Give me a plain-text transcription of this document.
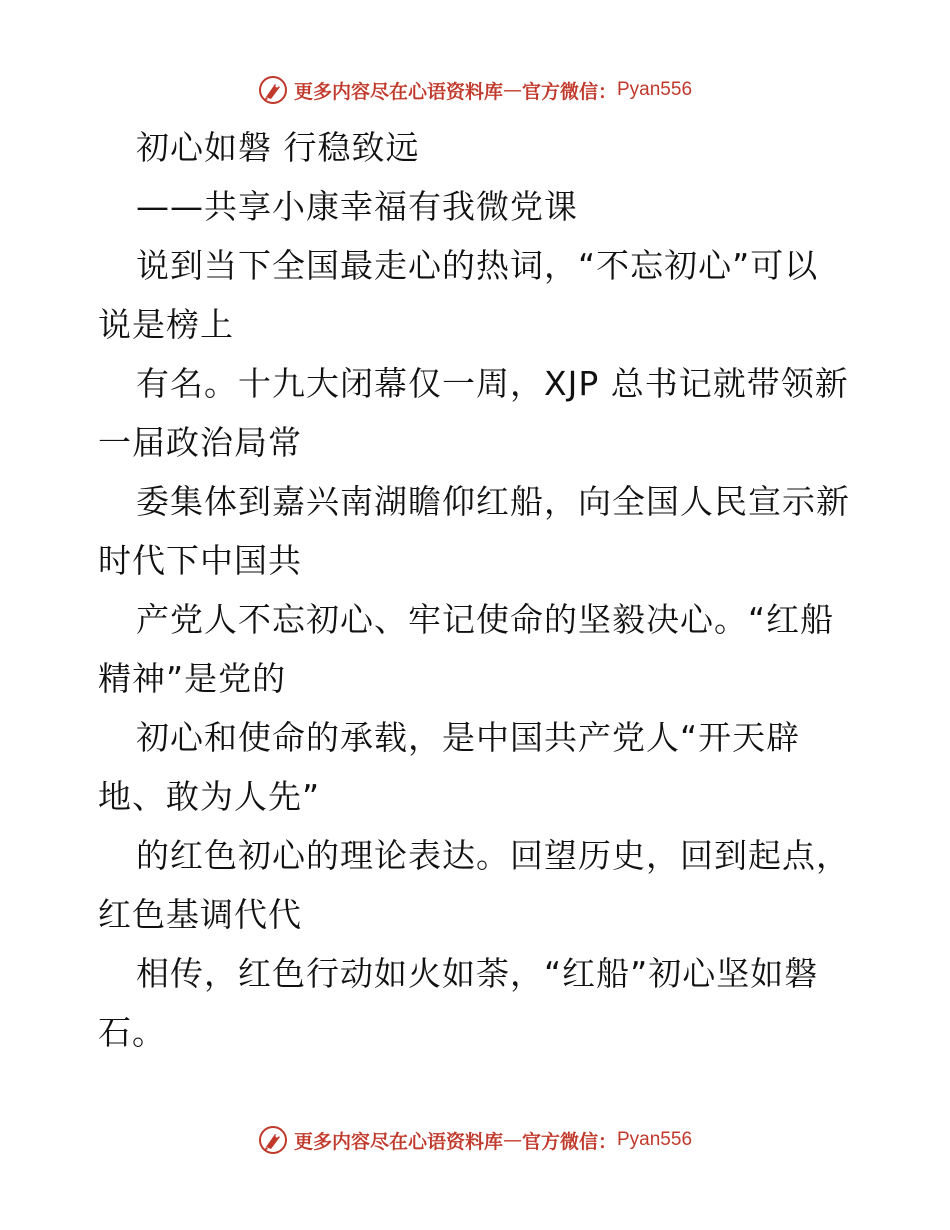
更多内容尽在心语资料库 — 官方微信： Pyan556
初心如磐 行稳致远
——共享小康幸福有我微党课
说到当下全国最走心的热词，“不忘初心”可以
说是榜上
有名。十九大闭幕仅一周，XJP 总书记就带领新
一届政治局常
委集体到嘉兴南湖瞻仰红船，向全国人民宣示新
时代下中国共
产党人不忘初心、牢记使命的坚毅决心。“红船
精神”是党的
初心和使命的承载，是中国共产党人“开天辟
地、敢为人先”
的红色初心的理论表达。回望历史，回到起点，
红色基调代代
相传，红色行动如火如荼，“红船”初心坚如磐
石。
更多内容尽在心语资料库 — 官方微信： Pyan556
